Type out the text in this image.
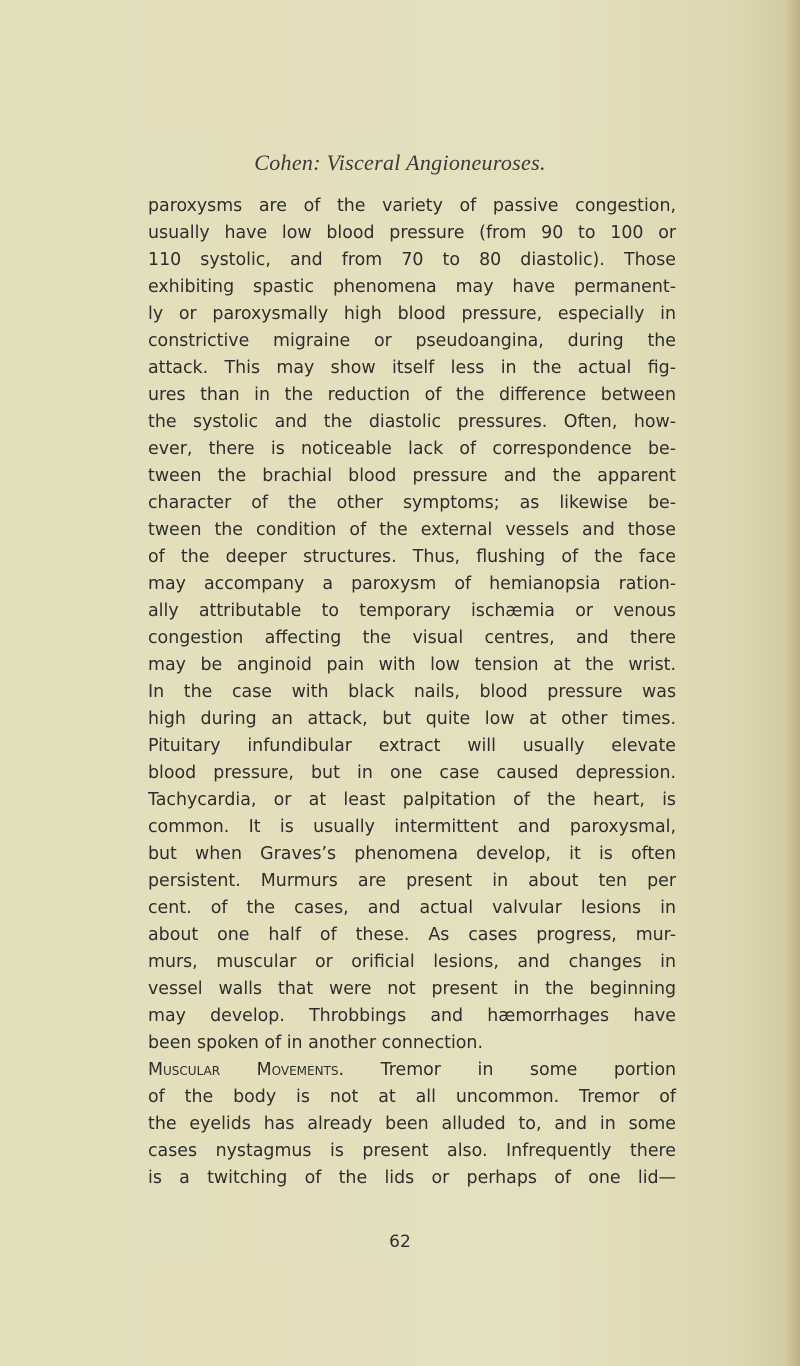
Cohen: Visceral Angioneuroses.
paroxysms are of the variety of passive congestion,
usually have low blood pressure (from 90 to 100 or
110 systolic, and from 70 to 80 diastolic). Those
exhibiting spastic phenomena may have permanent-
ly or paroxysmally high blood pressure, especially in
constrictive migraine or pseudoangina, during the
attack. This may show itself less in the actual fig-
ures than in the reduction of the difference between
the systolic and the diastolic pressures. Often, how-
ever, there is noticeable lack of correspondence be-
tween the brachial blood pressure and the apparent
character of the other symptoms; as likewise be-
tween the condition of the external vessels and those
of the deeper structures. Thus, flushing of the face
may accompany a paroxysm of hemianopsia ration-
ally attributable to temporary ischæmia or venous
congestion affecting the visual centres, and there
may be anginoid pain with low tension at the wrist.
In the case with black nails, blood pressure was
high during an attack, but quite low at other times.
Pituitary infundibular extract will usually elevate
blood pressure, but in one case caused depression.
Tachycardia, or at least palpitation of the heart, is
common. It is usually intermittent and paroxysmal,
but when Graves’s phenomena develop, it is often
persistent. Murmurs are present in about ten per
cent. of the cases, and actual valvular lesions in
about one half of these. As cases progress, mur-
murs, muscular or orificial lesions, and changes in
vessel walls that were not present in the beginning
may develop. Throbbings and hæmorrhages have
been spoken of in another connection.
Muscular Movements. Tremor in some portion
of the body is not at all uncommon. Tremor of
the eyelids has already been alluded to, and in some
cases nystagmus is present also. Infrequently there
is a twitching of the lids or perhaps of one lid—
62
